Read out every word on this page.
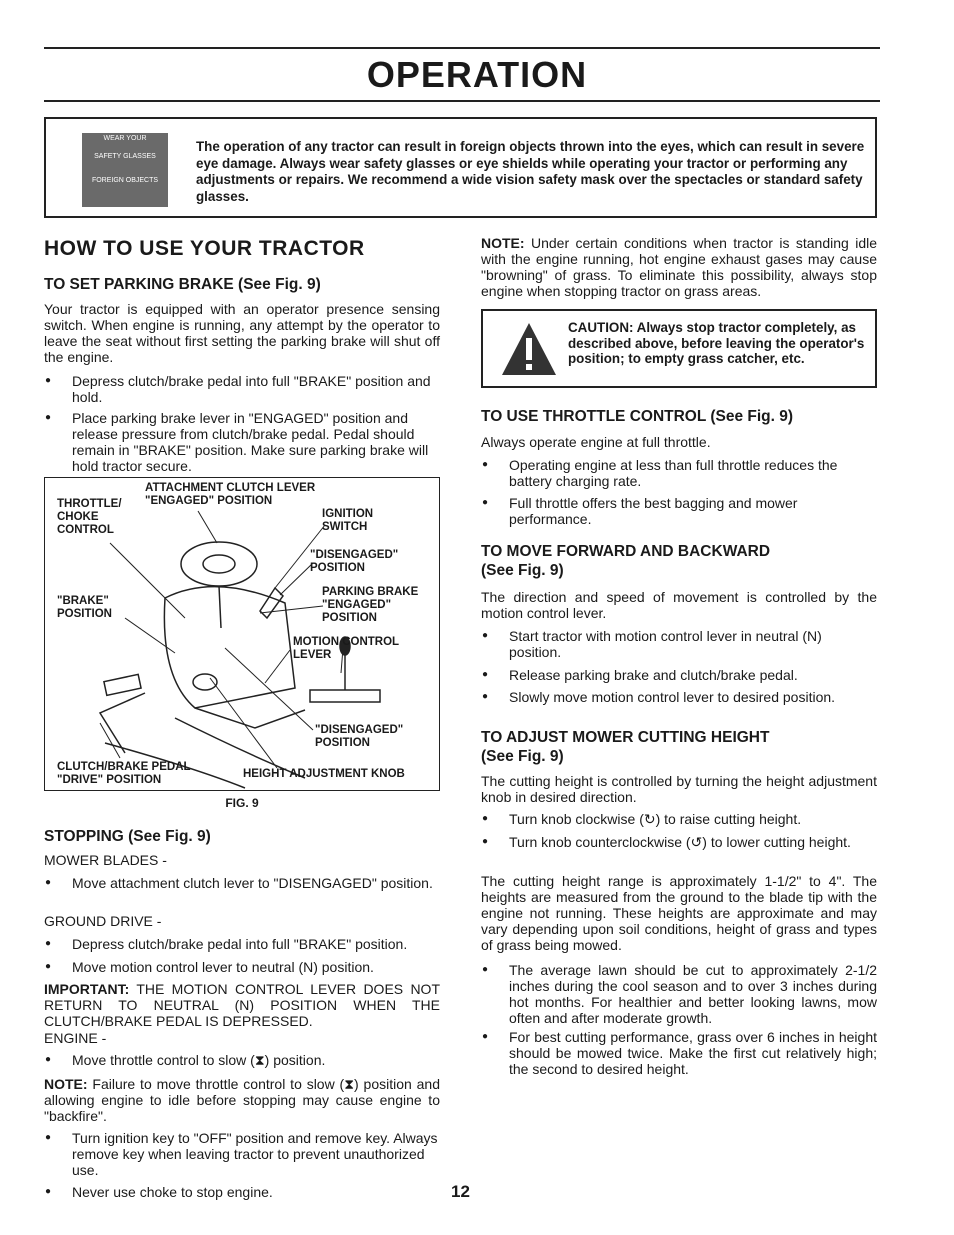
OPERATION
WEAR YOUR
SAFETY GLASSES
FOREIGN OBJECTS
The operation of any tractor can result in foreign objects thrown into the eyes, which can result in severe eye damage. Always wear safety glasses or eye shields while operating your tractor or performing any adjustments or repairs. We recommend a wide vision safety mask over the spectacles or standard safety glasses.
HOW TO USE YOUR TRACTOR
TO SET PARKING BRAKE (See Fig. 9)
Your tractor is equipped with an operator presence sensing switch. When engine is running, any attempt by the operator to leave the seat without first setting the parking brake will shut off the engine.
● Depress clutch/brake pedal into full "BRAKE" position and hold.
● Place parking brake lever in "ENGAGED" position and release pressure from clutch/brake pedal. Pedal should remain in "BRAKE" position. Make sure parking brake will hold tractor secure.
ATTACHMENT CLUTCH LEVER "ENGAGED" POSITION
THROTTLE/ CHOKE CONTROL
IGNITION SWITCH
"DISENGAGED" POSITION
"BRAKE" POSITION
PARKING BRAKE "ENGAGED" POSITION
MOTION CONTROL LEVER
"DISENGAGED" POSITION
CLUTCH/BRAKE PEDAL "DRIVE" POSITION	HEIGHT ADJUSTMENT KNOB
FIG. 9
STOPPING (See Fig. 9)
MOWER BLADES -
● Move attachment clutch lever to "DISENGAGED" position.
GROUND DRIVE -
● Depress clutch/brake pedal into full "BRAKE" position.
● Move motion control lever to neutral (N) position.
IMPORTANT: THE MOTION CONTROL LEVER DOES NOT RETURN TO NEUTRAL (N) POSITION WHEN THE CLUTCH/BRAKE PEDAL IS DEPRESSED.
ENGINE -
● Move throttle control to slow (⧗) position.
NOTE: Failure to move throttle control to slow (⧗) position and allowing engine to idle before stopping may cause engine to "backfire".
● Turn ignition key to "OFF" position and remove key. Always remove key when leaving tractor to prevent unauthorized use.
● Never use choke to stop engine.	12
NOTE: Under certain conditions when tractor is standing idle with the engine running, hot engine exhaust gases may cause "browning" of grass. To eliminate this possibility, always stop engine when stopping tractor on grass areas.
CAUTION: Always stop tractor completely, as described above, before leaving the operator's position; to empty grass catcher, etc.
TO USE THROTTLE CONTROL (See Fig. 9)
Always operate engine at full throttle.
● Operating engine at less than full throttle reduces the battery charging rate.
● Full throttle offers the best bagging and mower performance.
TO MOVE FORWARD AND BACKWARD
(See Fig. 9)
The direction and speed of movement is controlled by the motion control lever.
● Start tractor with motion control lever in neutral (N) position.
● Release parking brake and clutch/brake pedal.
● Slowly move motion control lever to desired position.
TO ADJUST MOWER CUTTING HEIGHT
(See Fig. 9)
The cutting height is controlled by turning the height adjustment knob in desired direction.
● Turn knob clockwise (↻) to raise cutting height.
● Turn knob counterclockwise (↺) to lower cutting height.
The cutting height range is approximately 1-1/2" to 4". The heights are measured from the ground to the blade tip with the engine not running. These heights are approximate and may vary depending upon soil conditions, height of grass and types of grass being mowed.
● The average lawn should be cut to approximately 2-1/2 inches during the cool season and to over 3 inches during hot months. For healthier and better looking lawns, mow often and after moderate growth.
● For best cutting performance, grass over 6 inches in height should be mowed twice. Make the first cut relatively high; the second to desired height.
